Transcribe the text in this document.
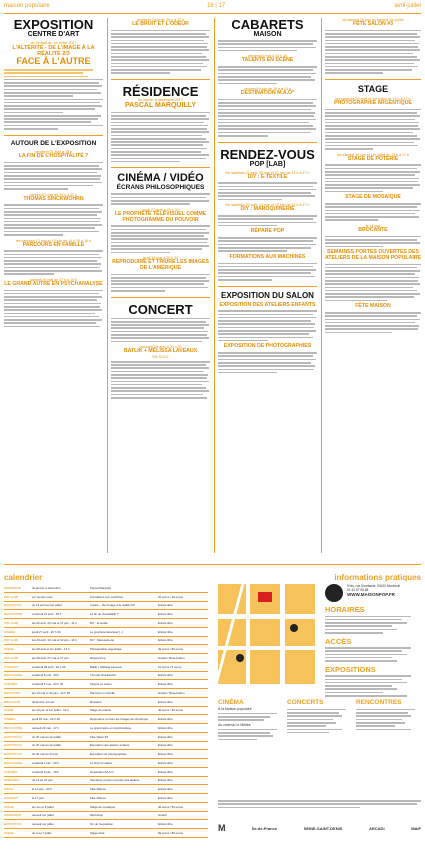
maison populaire	16 | 17	avril-juillet
EXPOSITION
CENTRE D'ART
du 19 avril au 1er juillet 2017
L'ALTÉRITÉ - DE L'IMAGE À LA RÉALITÉ 2/3
FACE À L'AUTRE
AUTOUR DE L'EXPOSITION
vendredi 21 avril à 19 h
LA FIN DE L'HOSPITALITÉ ?
vendredi 5 mai de 20 h à 22 h
THOMAS SINCKWOHRN
les samedis 13 mai et 10 juin de 14 h 30 à 16 h
PARCOURS EN FAMILLE
samedi 20 mai de 17 h à 19 h
LE GRAND AUTRE EN PSYCHANALYSE
vendredi 2 juin de 20 h à 22 h
LE BRUIT ET L'ODEUR
RÉSIDENCE
de janvier à décembre 2017
PASCAL MARQUILLY
CINÉMA / VIDÉO
ÉCRANS PHILOSOPHIQUES
jeudi 27 avril à 20 h 30
LE PROPHÈTE TÉLÉVISUEL COMME PHOTOGRAMME DU POUVOIR
jeudi 18 mai à 20 h 30
REPRODUIRE ET TRIURE LES IMAGES DE L'AMÉRIQUE
CONCERT
vendredi 28 avril à 20 h 30
BATLIK + MÉLISSA LAVEAUX
EN SOLO
CABARETS
MAISON
vendredi 5 mai à 20 h 30
TALENTS EN SCÈNE
vendredi 9 juin de 18 h à 24 h
DESTINATION M.A.O*
RENDEZ-VOUS
POP [LAB]
les samedis 22 avril, 20 mai et 17 juin de 14 h à 17 h
DIY : E-TEXTILE
les samedis 29 avril, 13 mai et 10 juin de 14 h à 17 h
DIY : MAROQUINERIE
RÉPARE POP
FORMATIONS AUX MACHINES
EXPOSITION DU SALON
EXPOSITION DES ATELIERS ENFANTS
EXPOSITION DE PHOTOGRAPHIES
du samedi 20 mai au samedi 1er juillet
FÊTE SALON #3
STAGE
les samedis 29 avril et 1er juillet de 13 h à 17 h
PHOTOGRAPHIE ARGENTIQUE
les samedi 10 juin et 1er juillet de 13 h à 17 h
STAGE DE POTERIE
STAGE DE MOSAÏQUE
le 14 mai
BROCANTE
SEMAINES PORTES OUVERTES DES ATELIERS DE LA MAISON POPULAIRE
FÊTE MAISON
calendrier
RÉSIDENCE	de janvier à décembre	Pascal Marquilly
POP [LAB]	sur rendez-vous	Formations aux machines	20 euros / 30 euros
EXPOSITION	du 19 avril au 1er juillet	L'autre... De l'image à la réalité 2/3	Entrée libre
RENCONTRE	vendredi 21 avril - 20 h	La fin de l'hospitalité ?	Entrée libre
POP [LAB]	les 22 avril, 20 mai et 17 juin - 14 h	DIY : E-textile	Entrée libre
CINÉMA	jeudi 27 avril - 20 h 30	Le prophète télévisuel [...]	Entrée libre
POP [LAB]	les 29 avril, 13 mai et 10 juin - 14 h	DIY : Maroquinerie	Entrée libre
STAGE	les 29 avril et 1er juillet - 13 h	Photographie argentique	40 euros / 50 euros
POP [LAB]	les 29 avril, 27 mai et 17 juin	Répare Pop	Gratuit / Réservation
CONCERT	vendredi 28 avril - 20 h 30	Batlik + Mélissa Laveaux	10 euros / 5 euros
RENCONTRE	vendredi 5 mai - 20 h	Thomas Sinckwohrn	Entrée libre
CABARET	vendredi 5 mai - 20 h 30	Talents en scène	Entrée libre
PARCOURS	les 13 mai et 10 juin - 14 h 30	Parcours en famille	Gratuit / Réservation
BROCANTE	dimanche 14 mai	Brocante	Entrée libre
STAGE	les 10 juin et 1er juillet - 13 h	Stage de poterie	40 euros / 50 euros
CINÉMA	jeudi 18 mai - 20 h 30	Reproduire et triure les images de l'Amérique	Entrée libre
RENCONTRE	samedi 20 mai - 17 h	Le grand autre en psychanalyse	Entrée libre
EXPOSITION	du 20 mai au 1er juillet	Fête Salon #3	Entrée libre
EXPOSITION	du 20 mai au 1er juillet	Exposition des ateliers enfants	Entrée libre
EXPOSITION	du 30 mai au 10 juin	Exposition de photographies	Entrée libre
RENCONTRE	vendredi 2 juin - 20 h	Le bruit et l'odeur	Entrée libre
CABARET	vendredi 9 juin - 18 h	Destination M.A.O	Entrée libre
SEMAINES	du 12 au 24 juin	Semaines portes ouvertes des ateliers	Entrée libre
VISITE	le 14 juin - 20 h	Fête Maison	Entrée libre
CONCERT	le 17 juin	Fête Maison	Entrée libre
STAGE	les 1er et 8 juillet	Stage de mosaïque	40 euros / 50 euros
WORKSHOP	samedi 1er juillet	Workshop	Gratuit
EXPOSITION	samedi 1er juillet	Fin de l'exposition	Entrée libre
STAGE	du 3 au 7 juillet	Stage d'été	60 euros / 80 euros
informations pratiques
9 bis, rue Dombasle, 93100 Montreuil
01 42 87 08 68
WWW.MAISONPOP.FR
HORAIRES
ACCÈS
EXPOSITIONS
CINÉMA
À la Maison populaire
Au cinéma Le Méliès
CONCERTS	RENCONTRES
M	Île-de-France	SEINE-SAINT-DENIS	ARCADI	MAIF
